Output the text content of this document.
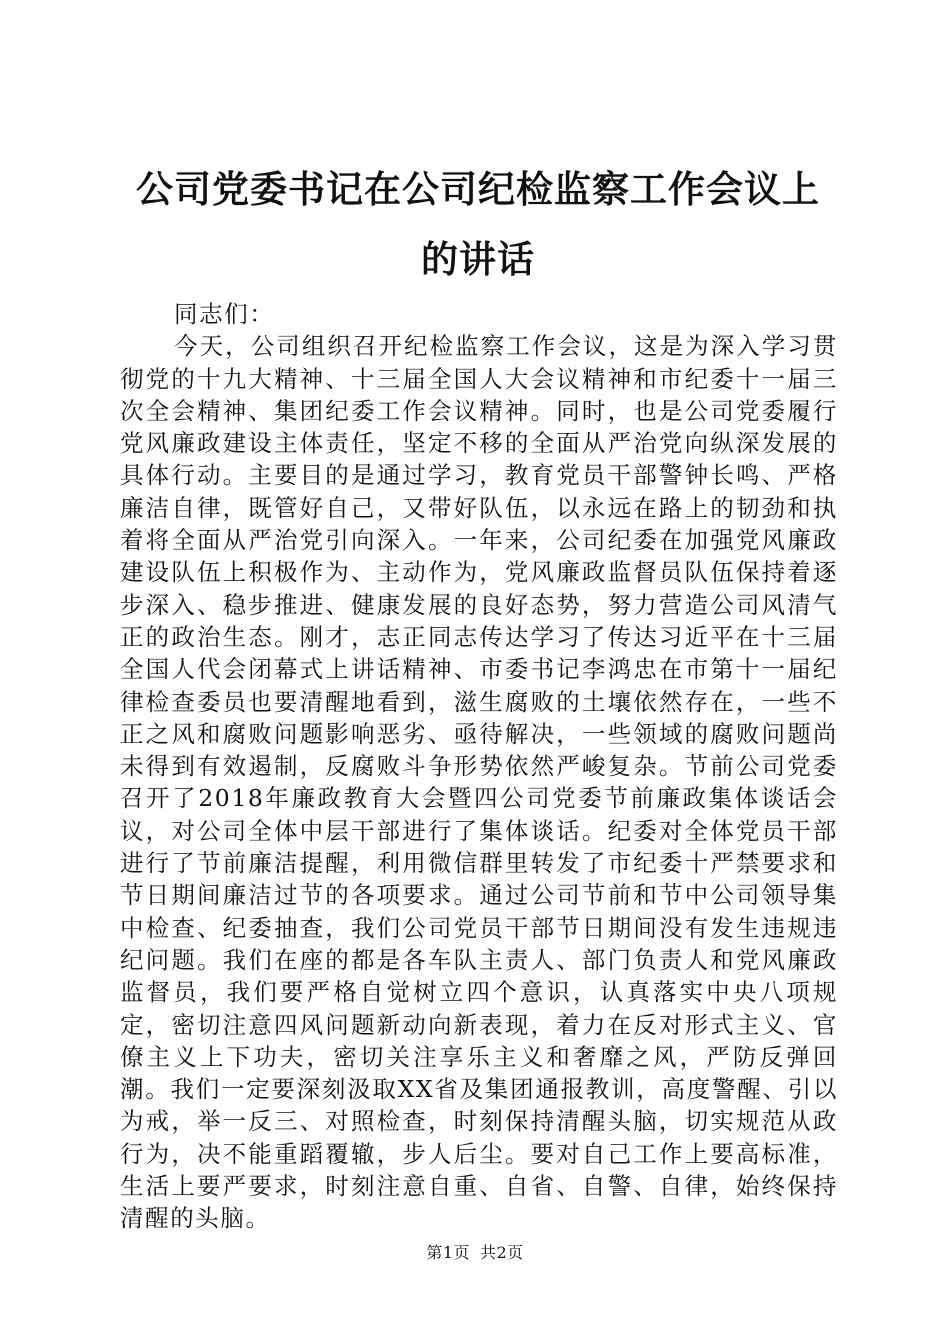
公司党委书记在公司纪检监察工作会议上的讲话

同志们：

今天，公司组织召开纪检监察工作会议，这是为深入学习贯彻党的十九大精神、十三届全国人大会议精神和市纪委十一届三次全会精神、集团纪委工作会议精神。同时，也是公司党委履行党风廉政建设主体责任，坚定不移的全面从严治党向纵深发展的具体行动。主要目的是通过学习，教育党员干部警钟长鸣、严格廉洁自律，既管好自己，又带好队伍，以永远在路上的韧劲和执着将全面从严治党引向深入。一年来，公司纪委在加强党风廉政建设队伍上积极作为、主动作为，党风廉政监督员队伍保持着逐步深入、稳步推进、健康发展的良好态势，努力营造公司风清气正的政治生态。刚才，志正同志传达学习了传达习近平在十三届全国人代会闭幕式上讲话精神、市委书记李鸿忠在市第十一届纪律检查委员也要清醒地看到，滋生腐败的土壤依然存在，一些不正之风和腐败问题影响恶劣、亟待解决，一些领域的腐败问题尚未得到有效遏制，反腐败斗争形势依然严峻复杂。节前公司党委召开了2018年廉政教育大会暨四公司党委节前廉政集体谈话会议，对公司全体中层干部进行了集体谈话。纪委对全体党员干部进行了节前廉洁提醒，利用微信群里转发了市纪委十严禁要求和节日期间廉洁过节的各项要求。通过公司节前和节中公司领导集中检查、纪委抽查，我们公司党员干部节日期间没有发生违规违纪问题。我们在座的都是各车队主责人、部门负责人和党风廉政监督员，我们要严格自觉树立四个意识，认真落实中央八项规定，密切注意四风问题新动向新表现，着力在反对形式主义、官僚主义上下功夫，密切关注享乐主义和奢靡之风，严防反弹回潮。我们一定要深刻汲取XX省及集团通报教训，高度警醒、引以为戒，举一反三、对照检查，时刻保持清醒头脑，切实规范从政行为，决不能重蹈覆辙，步人后尘。要对自己工作上要高标准，生活上要严要求，时刻注意自重、自省、自警、自律，始终保持清醒的头脑。

第1页 共2页
